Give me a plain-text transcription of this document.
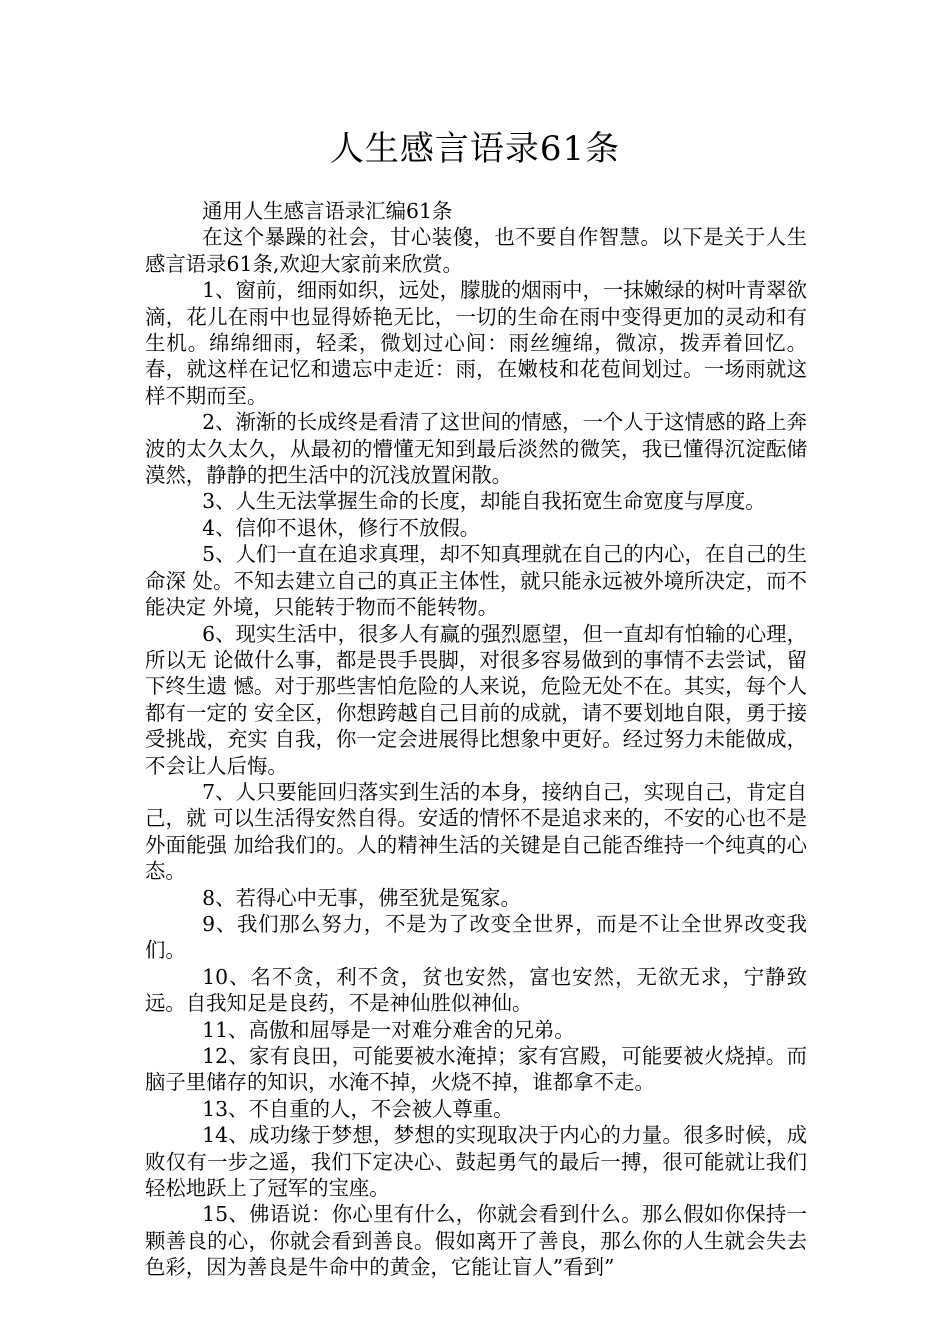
人生感言语录61条

通用人生感言语录汇编61条

在这个暴躁的社会，甘心装傻，也不要自作智慧。以下是关于人生感言语录61条,欢迎大家前来欣赏。

1、窗前，细雨如织，远处，朦胧的烟雨中，一抹嫩绿的树叶青翠欲滴，花儿在雨中也显得娇艳无比，一切的生命在雨中变得更加的灵动和有生机。绵绵细雨，轻柔，微划过心间：雨丝缠绵，微凉，拨弄着回忆。春，就这样在记忆和遗忘中走近：雨，在嫩枝和花苞间划过。一场雨就这样不期而至。

2、渐渐的长成终是看清了这世间的情感，一个人于这情感的路上奔波的太久太久，从最初的懵懂无知到最后淡然的微笑，我已懂得沉淀酝储漠然，静静的把生活中的沉浅放置闲散。

3、人生无法掌握生命的长度，却能自我拓宽生命宽度与厚度。

4、信仰不退休，修行不放假。

5、人们一直在追求真理，却不知真理就在自己的内心，在自己的生命深 处。不知去建立自己的真正主体性，就只能永远被外境所决定，而不能决定 外境，只能转于物而不能转物。

6、现实生活中，很多人有赢的强烈愿望，但一直却有怕输的心理，所以无 论做什么事，都是畏手畏脚，对很多容易做到的事情不去尝试，留下终生遗 憾。对于那些害怕危险的人来说，危险无处不在。其实，每个人都有一定的 安全区，你想跨越自己目前的成就，请不要划地自限，勇于接受挑战，充实 自我，你一定会进展得比想象中更好。经过努力未能做成，不会让人后悔。

7、人只要能回归落实到生活的本身，接纳自己，实现自己，肯定自己，就 可以生活得安然自得。安适的情怀不是追求来的，不安的心也不是外面能强 加给我们的。人的精神生活的关键是自己能否维持一个纯真的心态。

8、若得心中无事，佛至犹是冤家。

9、我们那么努力，不是为了改变全世界，而是不让全世界改变我们。

10、名不贪，利不贪，贫也安然，富也安然，无欲无求，宁静致远。自我知足是良药，不是神仙胜似神仙。

11、高傲和屈辱是一对难分难舍的兄弟。

12、家有良田，可能要被水淹掉；家有宫殿，可能要被火烧掉。而脑子里储存的知识，水淹不掉，火烧不掉，谁都拿不走。

13、不自重的人，不会被人尊重。

14、成功缘于梦想，梦想的实现取决于内心的力量。很多时候，成败仅有一步之遥，我们下定决心、鼓起勇气的最后一搏，很可能就让我们轻松地跃上了冠军的宝座。

15、佛语说：你心里有什么，你就会看到什么。那么假如你保持一颗善良的心，你就会看到善良。假如离开了善良，那么你的人生就会失去色彩，因为善良是牛命中的黄金，它能让盲人”看到”
